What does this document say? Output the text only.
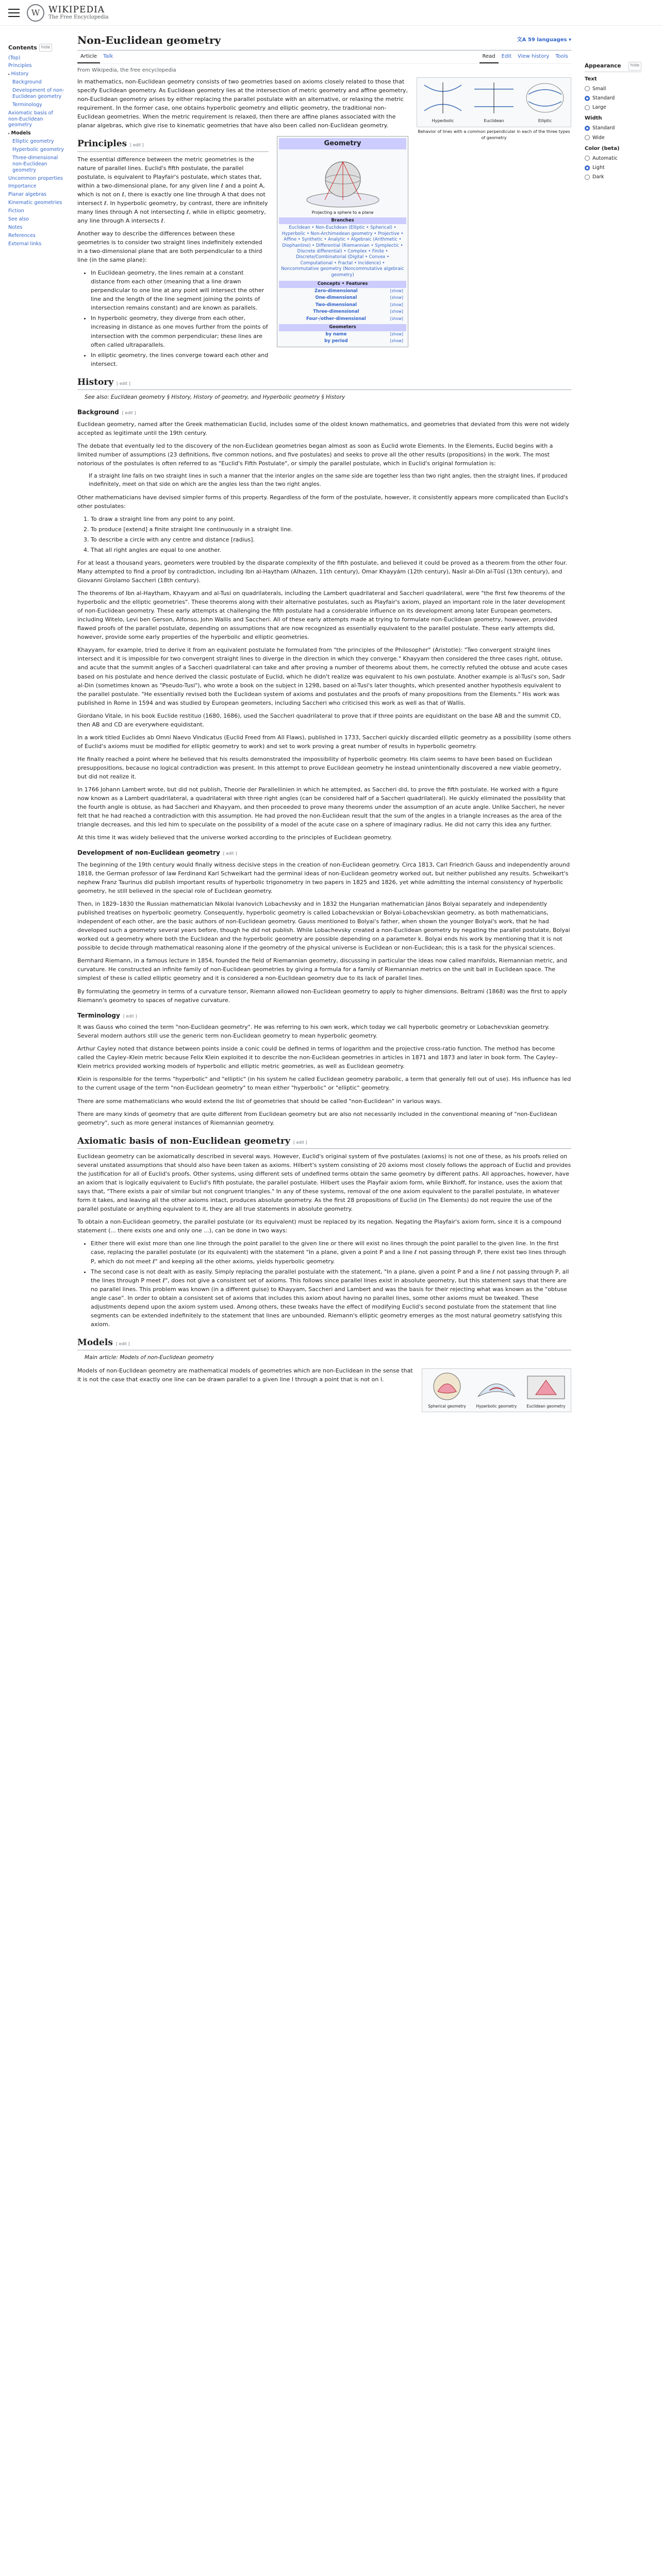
W WIKIPEDIA
The Free Encyclopedia
Contents	hide
(Top)
Principles
▸ History
Background
Development of non-Euclidean geometry
Terminology
Axiomatic basis of non-Euclidean geometry
▸ Models
Elliptic geometry
Hyperbolic geometry
Three-dimensional non-Euclidean geometry
Uncommon properties
Importance
Planar algebras
Kinematic geometries
Fiction
See also
Notes
References
External links
Non-Euclidean geometry	文A 59 languages ▾
Article	Talk	Read	Edit	View history	Tools
From Wikipedia, the free encyclopedia
Hyperbolic	Euclidean	Elliptic
Behavior of lines with a common perpendicular in each of the three types of geometry

In mathematics, non-Euclidean geometry consists of two geometries based on axioms closely related to those that specify Euclidean geometry. As Euclidean geometry lies at the intersection of metric geometry and affine geometry, non-Euclidean geometry arises by either replacing the parallel postulate with an alternative, or relaxing the metric requirement. In the former case, one obtains hyperbolic geometry and elliptic geometry, the traditional non-Euclidean geometries. When the metric requirement is relaxed, then there are affine planes associated with the planar algebras, which give rise to kinematic geometries that have also been called non-Euclidean geometry.

Geometry
Projecting a sphere to a plane
Branches
Euclidean • Non-Euclidean (Elliptic • Spherical) • Hyperbolic • Non-Archimedean geometry • Projective • Affine • Synthetic • Analytic • Algebraic (Arithmetic • Diophantine) • Differential (Riemannian • Symplectic • Discrete differential) • Complex • Finite • Discrete/Combinatorial (Digital • Convex • Computational • Fractal • Incidence) • Noncommutative geometry (Noncommutative algebraic geometry)
Concepts • Features
Zero-dimensional	[show]
One-dimensional	[show]
Two-dimensional	[show]
Three-dimensional	[show]
Four-/other-dimensional	[show]
Geometers
by name	[show]
by period	[show]
Principles [ edit ]

The essential difference between the metric geometries is the nature of parallel lines. Euclid's fifth postulate, the parallel postulate, is equivalent to Playfair's postulate, which states that, within a two-dimensional plane, for any given line ℓ and a point A, which is not on ℓ, there is exactly one line through A that does not intersect ℓ. In hyperbolic geometry, by contrast, there are infinitely many lines through A not intersecting ℓ, while in elliptic geometry, any line through A intersects ℓ.

Another way to describe the differences between these geometries is to consider two straight lines indefinitely extended in a two-dimensional plane that are both perpendicular to a third line (in the same plane):

• In Euclidean geometry, the lines remain at a constant distance from each other (meaning that a line drawn perpendicular to one line at any point will intersect the other line and the length of the line segment joining the points of intersection remains constant) and are known as parallels.
• In hyperbolic geometry, they diverge from each other, increasing in distance as one moves further from the points of intersection with the common perpendicular; these lines are often called ultraparallels.
• In elliptic geometry, the lines converge toward each other and intersect.
History [ edit ]
See also: Euclidean geometry § History, History of geometry, and Hyperbolic geometry § History
Background [ edit ]

Euclidean geometry, named after the Greek mathematician Euclid, includes some of the oldest known mathematics, and geometries that deviated from this were not widely accepted as legitimate until the 19th century.

The debate that eventually led to the discovery of the non-Euclidean geometries began almost as soon as Euclid wrote Elements. In the Elements, Euclid begins with a limited number of assumptions (23 definitions, five common notions, and five postulates) and seeks to prove all the other results (propositions) in the work. The most notorious of the postulates is often referred to as "Euclid's Fifth Postulate", or simply the parallel postulate, which in Euclid's original formulation is:

If a straight line falls on two straight lines in such a manner that the interior angles on the same side are together less than two right angles, then the straight lines, if produced indefinitely, meet on that side on which are the angles less than the two right angles.

Other mathematicians have devised simpler forms of this property. Regardless of the form of the postulate, however, it consistently appears more complicated than Euclid's other postulates:

1. To draw a straight line from any point to any point.
2. To produce [extend] a finite straight line continuously in a straight line.
3. To describe a circle with any centre and distance [radius].
4. That all right angles are equal to one another.

For at least a thousand years, geometers were troubled by the disparate complexity of the fifth postulate, and believed it could be proved as a theorem from the other four. Many attempted to find a proof by contradiction, including Ibn al-Haytham (Alhazen, 11th century), Omar Khayyám (12th century), Nasīr al-Dīn al-Tūsī (13th century), and Giovanni Girolamo Saccheri (18th century).

The theorems of Ibn al-Haytham, Khayyam and al-Tusi on quadrilaterals, including the Lambert quadrilateral and Saccheri quadrilateral, were "the first few theorems of the hyperbolic and the elliptic geometries". These theorems along with their alternative postulates, such as Playfair's axiom, played an important role in the later development of non-Euclidean geometry. These early attempts at challenging the fifth postulate had a considerable influence on its development among later European geometers, including Witelo, Levi ben Gerson, Alfonso, John Wallis and Saccheri. All of these early attempts made at trying to formulate non-Euclidean geometry, however, provided flawed proofs of the parallel postulate, depending on assumptions that are now recognized as essentially equivalent to the parallel postulate. These early attempts did, however, provide some early properties of the hyperbolic and elliptic geometries.

Khayyam, for example, tried to derive it from an equivalent postulate he formulated from "the principles of the Philosopher" (Aristotle): "Two convergent straight lines intersect and it is impossible for two convergent straight lines to diverge in the direction in which they converge." Khayyam then considered the three cases right, obtuse, and acute that the summit angles of a Saccheri quadrilateral can take and after proving a number of theorems about them, he correctly refuted the obtuse and acute cases based on his postulate and hence derived the classic postulate of Euclid, which he didn't realize was equivalent to his own postulate. Another example is al-Tusi's son, Sadr al-Din (sometimes known as "Pseudo-Tusi"), who wrote a book on the subject in 1298, based on al-Tusi's later thoughts, which presented another hypothesis equivalent to the parallel postulate. "He essentially revised both the Euclidean system of axioms and postulates and the proofs of many propositions from the Elements." His work was published in Rome in 1594 and was studied by European geometers, including Saccheri who criticised this work as well as that of Wallis.

Giordano Vitale, in his book Euclide restituo (1680, 1686), used the Saccheri quadrilateral to prove that if three points are equidistant on the base AB and the summit CD, then AB and CD are everywhere equidistant.

In a work titled Euclides ab Omni Naevo Vindicatus (Euclid Freed from All Flaws), published in 1733, Saccheri quickly discarded elliptic geometry as a possibility (some others of Euclid's axioms must be modified for elliptic geometry to work) and set to work proving a great number of results in hyperbolic geometry.

He finally reached a point where he believed that his results demonstrated the impossibility of hyperbolic geometry. His claim seems to have been based on Euclidean presuppositions, because no logical contradiction was present. In this attempt to prove Euclidean geometry he instead unintentionally discovered a new viable geometry, but did not realize it.

In 1766 Johann Lambert wrote, but did not publish, Theorie der Parallellinien in which he attempted, as Saccheri did, to prove the fifth postulate. He worked with a figure now known as a Lambert quadrilateral, a quadrilateral with three right angles (can be considered half of a Saccheri quadrilateral). He quickly eliminated the possibility that the fourth angle is obtuse, as had Saccheri and Khayyam, and then proceeded to prove many theorems under the assumption of an acute angle. Unlike Saccheri, he never felt that he had reached a contradiction with this assumption. He had proved the non-Euclidean result that the sum of the angles in a triangle increases as the area of the triangle decreases, and this led him to speculate on the possibility of a model of the acute case on a sphere of imaginary radius. He did not carry this idea any further.

At this time it was widely believed that the universe worked according to the principles of Euclidean geometry.

Development of non-Euclidean geometry [ edit ]

The beginning of the 19th century would finally witness decisive steps in the creation of non-Euclidean geometry. Circa 1813, Carl Friedrich Gauss and independently around 1818, the German professor of law Ferdinand Karl Schweikart had the germinal ideas of non-Euclidean geometry worked out, but neither published any results. Schweikart's nephew Franz Taurinus did publish important results of hyperbolic trigonometry in two papers in 1825 and 1826, yet while admitting the internal consistency of hyperbolic geometry, he still believed in the special role of Euclidean geometry.

Then, in 1829–1830 the Russian mathematician Nikolai Ivanovich Lobachevsky and in 1832 the Hungarian mathematician János Bolyai separately and independently published treatises on hyperbolic geometry. Consequently, hyperbolic geometry is called Lobachevskian or Bolyai-Lobachevskian geometry, as both mathematicians, independent of each other, are the basic authors of non-Euclidean geometry. Gauss mentioned to Bolyai's father, when shown the younger Bolyai's work, that he had developed such a geometry several years before, though he did not publish. While Lobachevsky created a non-Euclidean geometry by negating the parallel postulate, Bolyai worked out a geometry where both the Euclidean and the hyperbolic geometry are possible depending on a parameter k. Bolyai ends his work by mentioning that it is not possible to decide through mathematical reasoning alone if the geometry of the physical universe is Euclidean or non-Euclidean; this is a task for the physical sciences.

Bernhard Riemann, in a famous lecture in 1854, founded the field of Riemannian geometry, discussing in particular the ideas now called manifolds, Riemannian metric, and curvature. He constructed an infinite family of non-Euclidean geometries by giving a formula for a family of Riemannian metrics on the unit ball in Euclidean space. The simplest of these is called elliptic geometry and it is considered a non-Euclidean geometry due to its lack of parallel lines.

By formulating the geometry in terms of a curvature tensor, Riemann allowed non-Euclidean geometry to apply to higher dimensions. Beltrami (1868) was the first to apply Riemann's geometry to spaces of negative curvature.

Terminology [ edit ]

It was Gauss who coined the term "non-Euclidean geometry". He was referring to his own work, which today we call hyperbolic geometry or Lobachevskian geometry. Several modern authors still use the generic term non-Euclidean geometry to mean hyperbolic geometry.

Arthur Cayley noted that distance between points inside a conic could be defined in terms of logarithm and the projective cross-ratio function. The method has become called the Cayley–Klein metric because Felix Klein exploited it to describe the non-Euclidean geometries in articles in 1871 and 1873 and later in book form. The Cayley–Klein metrics provided working models of hyperbolic and elliptic metric geometries, as well as Euclidean geometry.

Klein is responsible for the terms "hyperbolic" and "elliptic" (in his system he called Euclidean geometry parabolic, a term that generally fell out of use). His influence has led to the current usage of the term "non-Euclidean geometry" to mean either "hyperbolic" or "elliptic" geometry.

There are some mathematicians who would extend the list of geometries that should be called "non-Euclidean" in various ways.

There are many kinds of geometry that are quite different from Euclidean geometry but are also not necessarily included in the conventional meaning of "non-Euclidean geometry", such as more general instances of Riemannian geometry.

Axiomatic basis of non-Euclidean geometry [ edit ]

Euclidean geometry can be axiomatically described in several ways. However, Euclid's original system of five postulates (axioms) is not one of these, as his proofs relied on several unstated assumptions that should also have been taken as axioms. Hilbert's system consisting of 20 axioms most closely follows the approach of Euclid and provides the justification for all of Euclid's proofs. Other systems, using different sets of undefined terms obtain the same geometry by different paths. All approaches, however, have an axiom that is logically equivalent to Euclid's fifth postulate, the parallel postulate. Hilbert uses the Playfair axiom form, while Birkhoff, for instance, uses the axiom that says that, "There exists a pair of similar but not congruent triangles." In any of these systems, removal of the one axiom equivalent to the parallel postulate, in whatever form it takes, and leaving all the other axioms intact, produces absolute geometry. As the first 28 propositions of Euclid (in The Elements) do not require the use of the parallel postulate or anything equivalent to it, they are all true statements in absolute geometry.

To obtain a non-Euclidean geometry, the parallel postulate (or its equivalent) must be replaced by its negation. Negating the Playfair's axiom form, since it is a compound statement (... there exists one and only one ...), can be done in two ways:

• Either there will exist more than one line through the point parallel to the given line or there will exist no lines through the point parallel to the given line. In the first case, replacing the parallel postulate (or its equivalent) with the statement "In a plane, given a point P and a line ℓ not passing through P, there exist two lines through P, which do not meet ℓ" and keeping all the other axioms, yields hyperbolic geometry.
• The second case is not dealt with as easily. Simply replacing the parallel postulate with the statement, "In a plane, given a point P and a line ℓ not passing through P, all the lines through P meet ℓ", does not give a consistent set of axioms. This follows since parallel lines exist in absolute geometry, but this statement says that there are no parallel lines. This problem was known (in a different guise) to Khayyam, Saccheri and Lambert and was the basis for their rejecting what was known as the "obtuse angle case". In order to obtain a consistent set of axioms that includes this axiom about having no parallel lines, some other axioms must be tweaked. These adjustments depend upon the axiom system used. Among others, these tweaks have the effect of modifying Euclid's second postulate from the statement that line segments can be extended indefinitely to the statement that lines are unbounded. Riemann's elliptic geometry emerges as the most natural geometry satisfying this axiom.
Models [ edit ]
Main article: Models of non-Euclidean geometry
Spherical geometry	Hyperbolic geometry	Euclidean geometry

Models of non-Euclidean geometry are mathematical models of geometries which are non-Euclidean in the sense that it is not the case that exactly one line can be drawn parallel to a given line l through a point that is not on l.

Appearance	hide
Text
Small
Standard
Large
Width
Standard
Wide
Color (beta)
Automatic
Light
Dark
